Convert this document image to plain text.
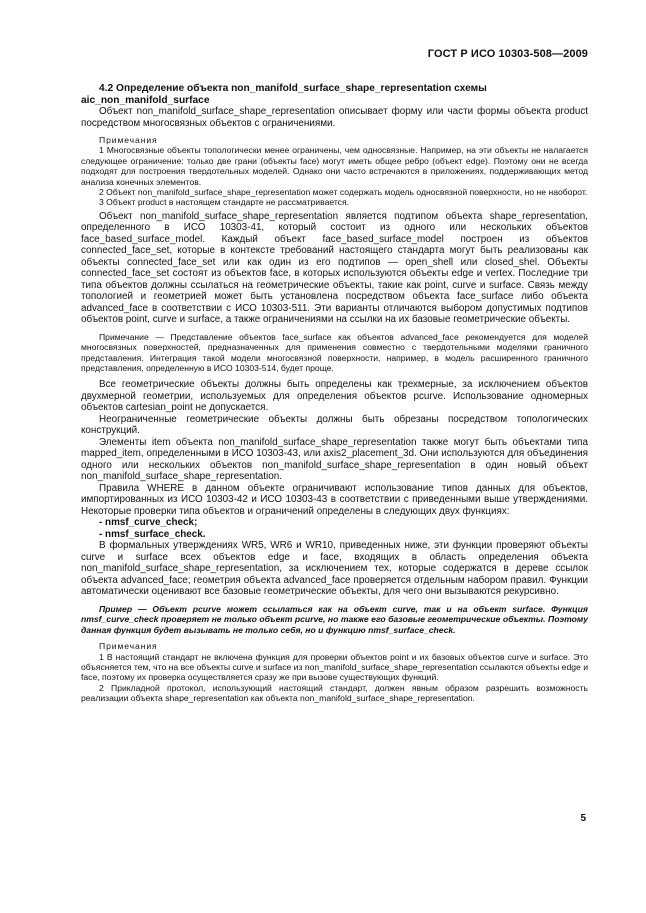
ГОСТ Р ИСО 10303-508—2009

4.2 Определение объекта non_manifold_surface_shape_representation схемы
aic_non_manifold_surface

Объект non_manifold_surface_shape_representation описывает форму или части формы объекта product посредством многосвязных объектов с ограничениями.

Примечания

1 Многосвязные объекты топологически менее ограничены, чем односвязные. Например, на эти объекты не налагается следующее ограничение: только две грани (объекты face) могут иметь общее ребро (объект edge). Поэтому они не всегда подходят для построения твердотельных моделей. Однако они часто встречаются в приложениях, поддерживающих метод анализа конечных элементов.

2 Объект non_manifold_surface_shape_representation может содержать модель односвязной поверхности, но не наоборот.

3 Объект product в настоящем стандарте не рассматривается.

Объект non_manifold_surface_shape_representation является подтипом объекта shape_representation, определенного в ИСО 10303-41, который состоит из одного или нескольких объектов face_based_surface_model. Каждый объект face_based_surface_model построен из объектов connected_face_set, которые в контексте требований настоящего стандарта могут быть реализованы как объекты connected_face_set или как один из его подтипов — open_shell или closed_shel. Объекты connected_face_set состоят из объектов face, в которых используются объекты edge и vertex. Последние три типа объектов должны ссылаться на геометрические объекты, такие как point, curve и surface. Связь между топологией и геометрией может быть установлена посредством объекта face_surface либо объекта advanced_face в соответствии с ИСО 10303-511. Эти варианты отличаются выбором допустимых подтипов объектов point, curve и surface, а также ограничениями на ссылки на их базовые геометрические объекты.

Примечание — Представление объектов face_surface как объектов advanced_face рекомендуется для моделей многосвязных поверхностей, предназначенных для применения совместно с твердотельными моделями граничного представления. Интеграция такой модели многосвязной поверхности, например, в модель расширенного граничного представления, определенную в ИСО 10303-514, будет проще.

Все геометрические объекты должны быть определены как трехмерные, за исключением объектов двухмерной геометрии, используемых для определения объектов pcurve. Использование одномерных объектов cartesian_point не допускается.

Неограниченные геометрические объекты должны быть обрезаны посредством топологических конструкций.

Элементы item объекта non_manifold_surface_shape_representation также могут быть объектами типа mapped_item, определенными в ИСО 10303-43, или axis2_placement_3d. Они используются для объединения одного или нескольких объектов non_manifold_surface_shape_representation в один новый объект non_manifold_surface_shape_representation.

Правила WHERE в данном объекте ограничивают использование типов данных для объектов, импортированных из ИСО 10303-42 и ИСО 10303-43 в соответствии с приведенными выше утверждениями. Некоторые проверки типа объектов и ограничений определены в следующих двух функциях:

- nmsf_curve_check;

- nmsf_surface_check.

В формальных утверждениях WR5, WR6 и WR10, приведенных ниже, эти функции проверяют объекты curve и surface всех объектов edge и face, входящих в область определения объекта non_manifold_surface_shape_representation, за исключением тех, которые содержатся в дереве ссылок объекта advanced_face; геометрия объекта advanced_face проверяется отдельным набором правил. Функции автоматически оценивают все базовые геометрические объекты, для чего они вызываются рекурсивно.

Пример — Объект pcurve может ссылаться как на объект curve, так и на объект surface. Функция nmsf_curve_check проверяет не только объект pcurve, но также его базовые геометрические объекты. Поэтому данная функция будет вызывать не только себя, но и функцию nmsf_surface_check.

Примечания

1 В настоящий стандарт не включена функция для проверки объектов point и их базовых объектов curve и surface. Это объясняется тем, что на все объекты curve и surface из non_manifold_surface_shape_representation ссылаются объекты edge и face, поэтому их проверка осуществляется сразу же при вызове существующих функций.

2 Прикладной протокол, использующий настоящий стандарт, должен явным образом разрешить возможность реализации объекта shape_representation как объекта non_manifold_surface_shape_representation.

5
